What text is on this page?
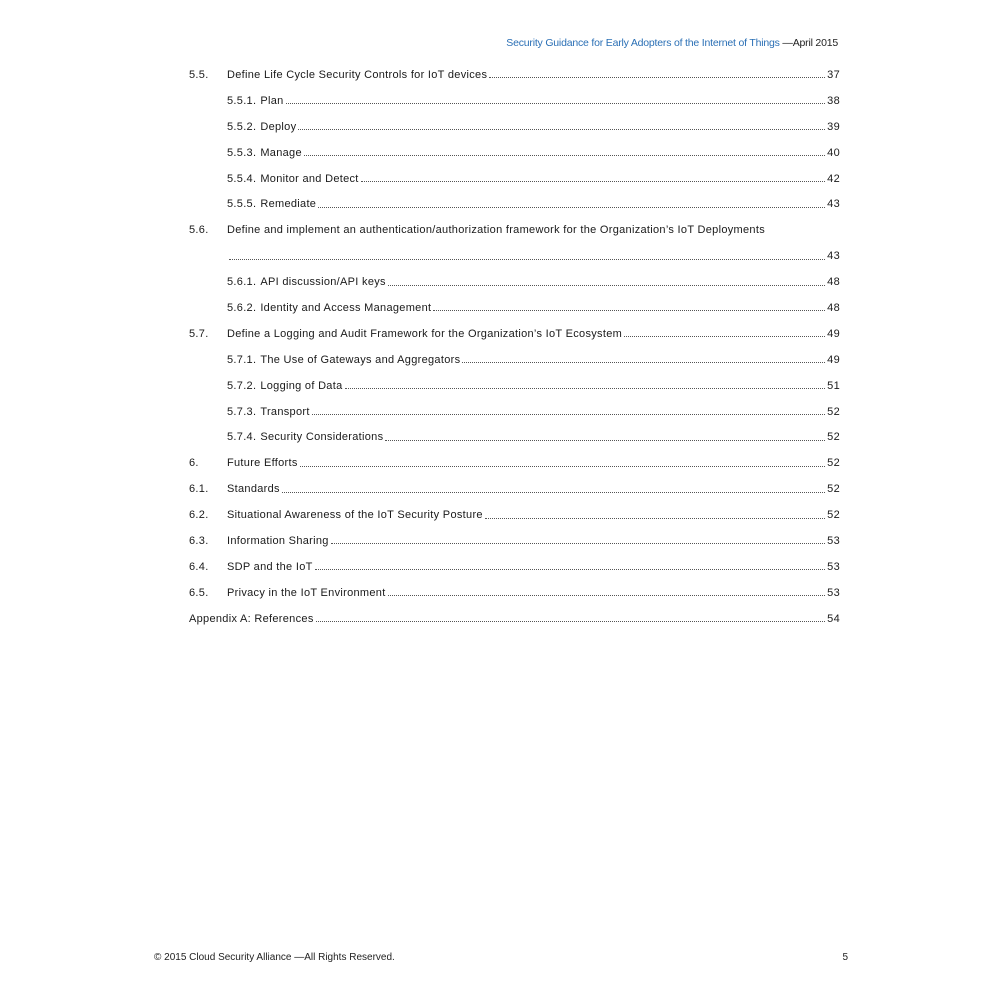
Security Guidance for Early Adopters of the Internet of Things —April 2015
5.5.	Define Life Cycle Security Controls for IoT devices	37
5.5.1. Plan	38
5.5.2. Deploy	39
5.5.3. Manage	40
5.5.4. Monitor and Detect	42
5.5.5. Remediate	43
5.6.	Define and implement an authentication/authorization framework for the Organization’s IoT Deployments
43
5.6.1. API discussion/API keys	48
5.6.2. Identity and Access Management	48
5.7.	Define a Logging and Audit Framework for the Organization’s IoT Ecosystem	49
5.7.1. The Use of Gateways and Aggregators	49
5.7.2. Logging of Data	51
5.7.3. Transport	52
5.7.4. Security Considerations	52
6.	Future Efforts	52
6.1.	Standards	52
6.2.	Situational Awareness of the IoT Security Posture	52
6.3.	Information Sharing	53
6.4.	SDP and the IoT	53
6.5.	Privacy in the IoT Environment	53
Appendix A: References	54
© 2015 Cloud Security Alliance —All Rights Reserved.	5
